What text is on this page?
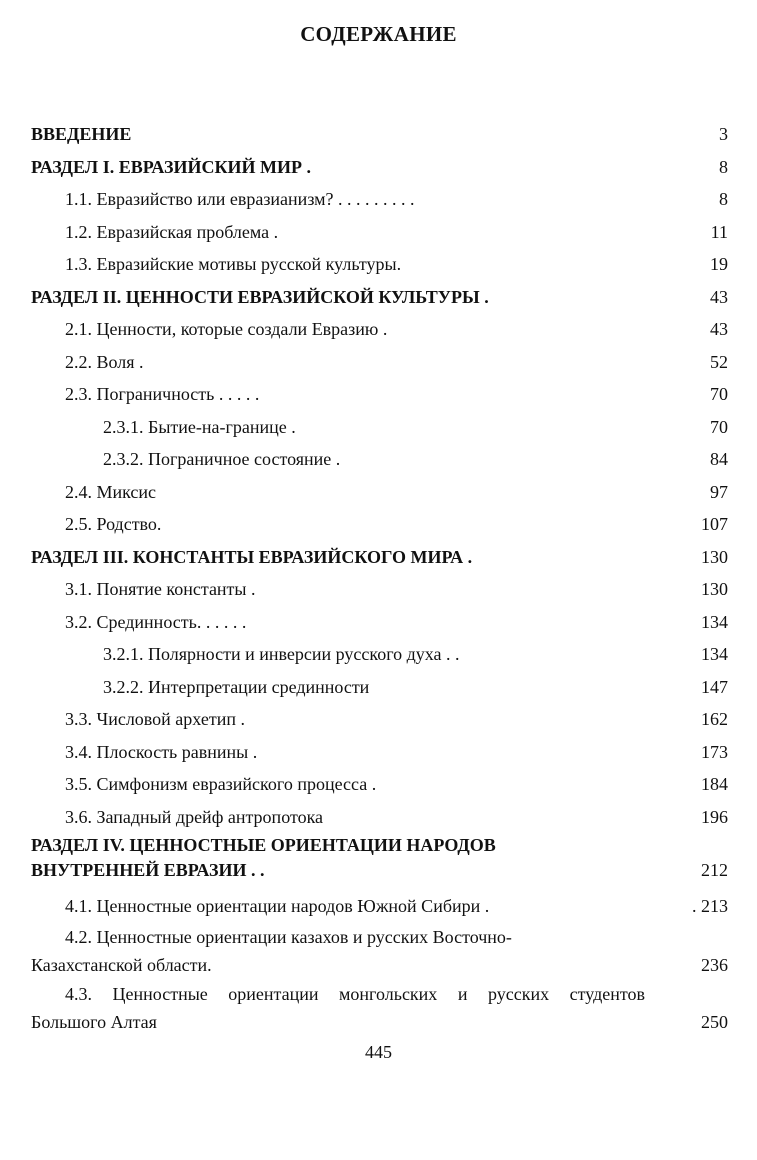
СОДЕРЖАНИЕ
ВВЕДЕНИЕ	3
РАЗДЕЛ I. ЕВРАЗИЙСКИЙ МИР .	8
1.1. Евразийство или евразианизм? . . . . . . . . .	8
1.2. Евразийская проблема .	11
1.3. Евразийские мотивы русской культуры.	19
РАЗДЕЛ II. ЦЕННОСТИ ЕВРАЗИЙСКОЙ КУЛЬТУРЫ .	43
2.1. Ценности, которые создали Евразию .	43
2.2. Воля .	52
2.3. Пограничность . . . . .	70
2.3.1. Бытие-на-границе .	70
2.3.2. Пограничное состояние .	84
2.4. Миксис	97
2.5. Родство.	107
РАЗДЕЛ III. КОНСТАНТЫ ЕВРАЗИЙСКОГО МИРА .	130
3.1. Понятие константы .	130
3.2. Срединность. . . . . .	134
3.2.1. Полярности и инверсии русского духа . .	134
3.2.2. Интерпретации срединности	147
3.3. Числовой архетип .	162
3.4. Плоскость равнины .	173
3.5. Симфонизм евразийского процесса .	184
3.6. Западный дрейф антропотока	196
РАЗДЕЛ IV. ЦЕННОСТНЫЕ ОРИЕНТАЦИИ НАРОДОВ
ВНУТРЕННЕЙ ЕВРАЗИИ . .	212
4.1. Ценностные ориентации народов Южной Сибири .	. 213
4.2. Ценностные ориентации казахов и русских Восточно-
Казахстанской области.	236
4.3. Ценностные ориентации монгольских и русских студентов
Большого Алтая	250
445
